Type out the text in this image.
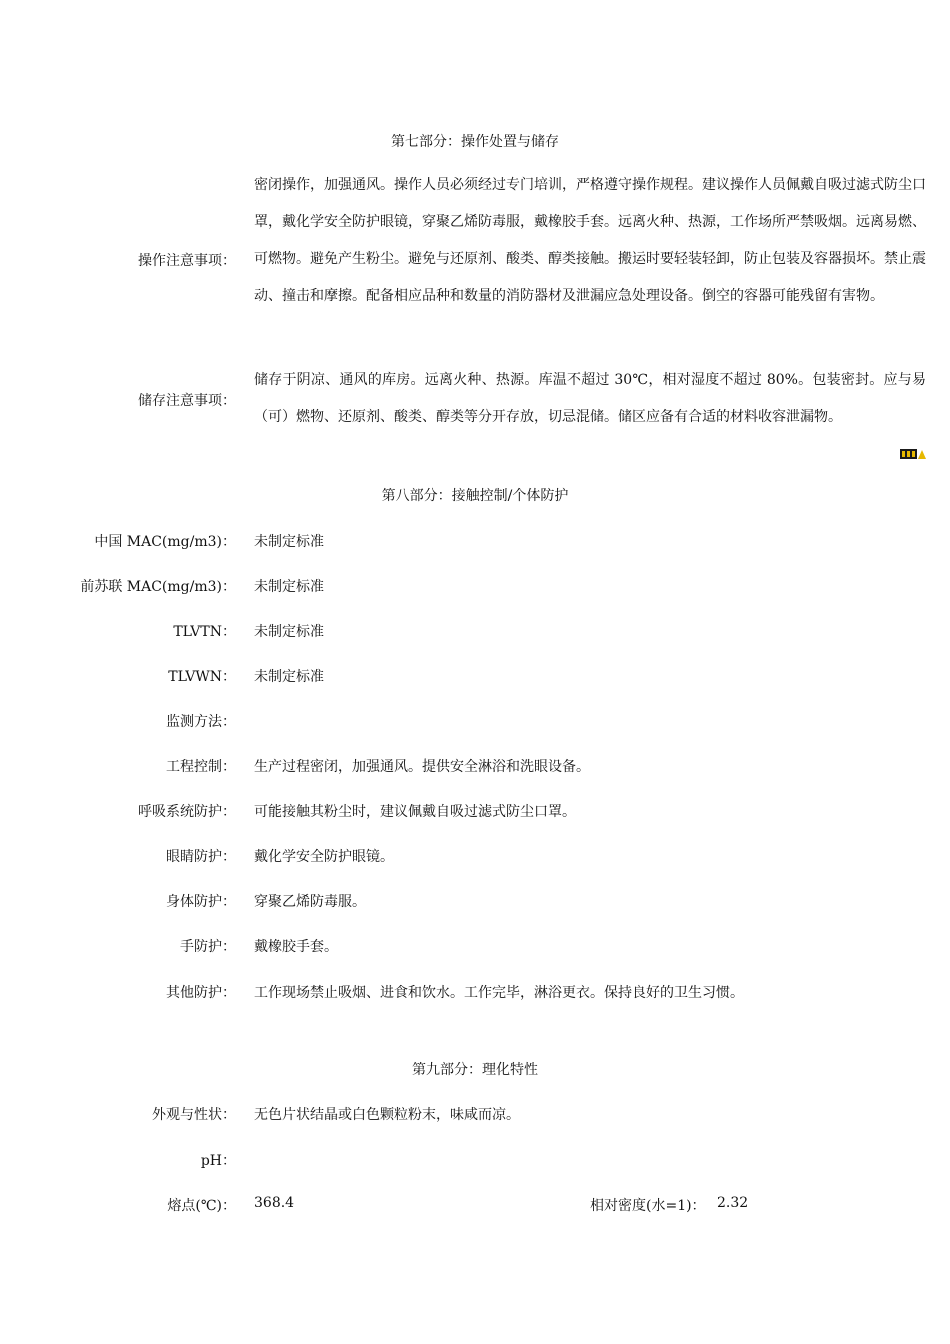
第七部分：操作处置与储存
操作注意事项：
密闭操作，加强通风。操作人员必须经过专门培训，严格遵守操作规程。建议操作人员佩戴自吸过滤式防尘口罩，戴化学安全防护眼镜，穿聚乙烯防毒服，戴橡胶手套。远离火种、热源，工作场所严禁吸烟。远离易燃、可燃物。避免产生粉尘。避免与还原剂、酸类、醇类接触。搬运时要轻装轻卸，防止包装及容器损坏。禁止震动、撞击和摩擦。配备相应品种和数量的消防器材及泄漏应急处理设备。倒空的容器可能残留有害物。
储存注意事项：
储存于阴凉、通风的库房。远离火种、热源。库温不超过 30℃，相对湿度不超过 80%。包装密封。应与易（可）燃物、还原剂、酸类、醇类等分开存放，切忌混储。储区应备有合适的材料收容泄漏物。
第八部分：接触控制/个体防护
中国 MAC(mg/m3)： 未制定标准
前苏联 MAC(mg/m3)： 未制定标准
TLVTN： 未制定标准
TLVWN： 未制定标准
监测方法：
工程控制： 生产过程密闭，加强通风。提供安全淋浴和洗眼设备。
呼吸系统防护： 可能接触其粉尘时，建议佩戴自吸过滤式防尘口罩。
眼睛防护： 戴化学安全防护眼镜。
身体防护： 穿聚乙烯防毒服。
手防护： 戴橡胶手套。
其他防护： 工作现场禁止吸烟、进食和饮水。工作完毕，淋浴更衣。保持良好的卫生习惯。
第九部分：理化特性
外观与性状： 无色片状结晶或白色颗粒粉末，味咸而凉。
pH：
熔点(℃)： 368.4	相对密度(水=1)： 2.32
